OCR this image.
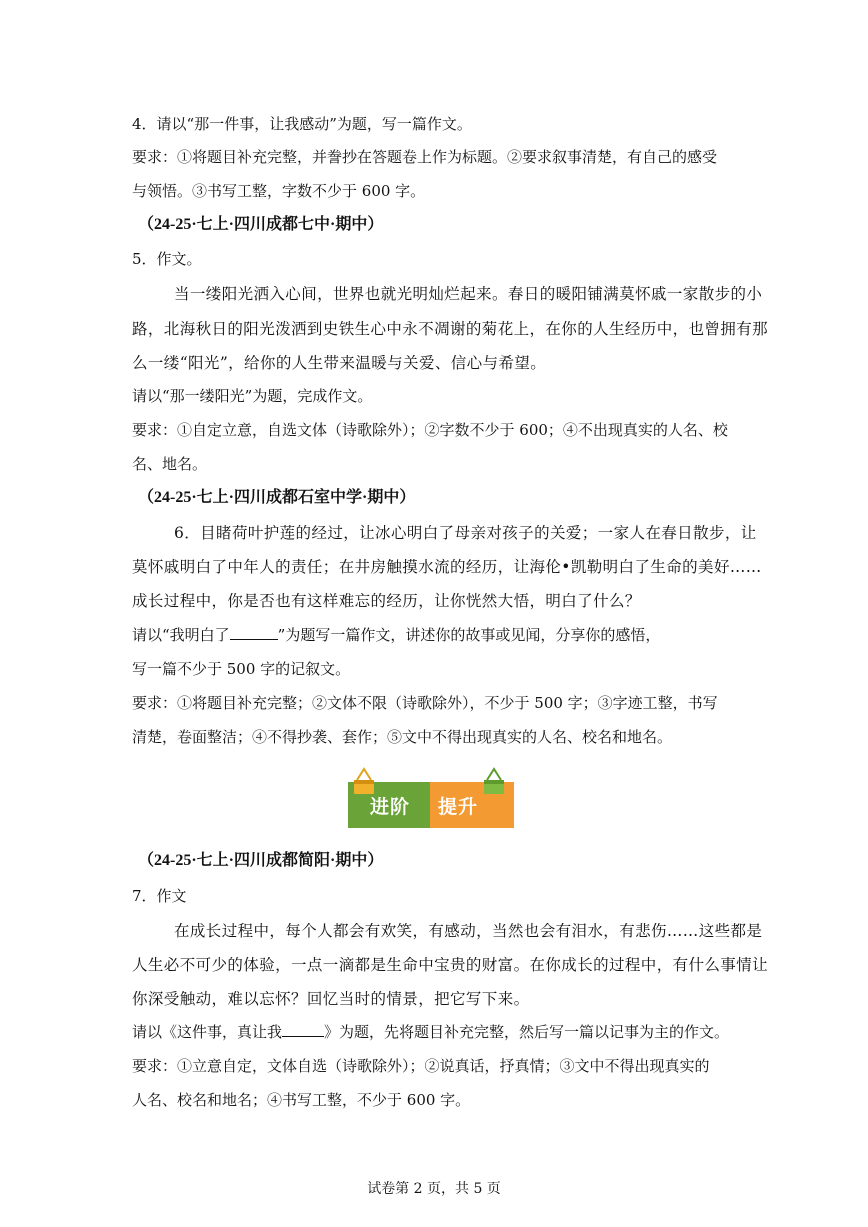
4．请以“那一件事，让我感动”为题，写一篇作文。
要求：①将题目补充完整，并誊抄在答题卷上作为标题。②要求叙事清楚，有自己的感受
与领悟。③书写工整，字数不少于 600 字。
（24-25·七上·四川成都七中·期中）
5．作文。
当一缕阳光洒入心间，世界也就光明灿烂起来。春日的暖阳铺满莫怀戚一家散步的小
路，北海秋日的阳光泼洒到史铁生心中永不凋谢的菊花上，在你的人生经历中，也曾拥有那
么一缕“阳光”，给你的人生带来温暖与关爱、信心与希望。
请以“那一缕阳光”为题，完成作文。
要求：①自定立意，自选文体（诗歌除外）；②字数不少于 600；④不出现真实的人名、校
名、地名。
（24-25·七上·四川成都石室中学·期中）
6．目睹荷叶护莲的经过，让冰心明白了母亲对孩子的关爱；一家人在春日散步，让
莫怀戚明白了中年人的责任；在井房触摸水流的经历，让海伦•凯勒明白了生命的美好……
成长过程中，你是否也有这样难忘的经历，让你恍然大悟，明白了什么？
请以“我明白了	”为题写一篇作文，讲述你的故事或见闻，分享你的感悟，
写一篇不少于 500 字的记叙文。
要求：①将题目补充完整；②文体不限（诗歌除外），不少于 500 字；③字迹工整，书写
清楚，卷面整洁；④不得抄袭、套作；⑤文中不得出现真实的人名、校名和地名。
进阶 提升
（24-25·七上·四川成都简阳·期中）
7．作文
在成长过程中，每个人都会有欢笑，有感动，当然也会有泪水，有悲伤……这些都是
人生必不可少的体验，一点一滴都是生命中宝贵的财富。在你成长的过程中，有什么事情让
你深受触动，难以忘怀？回忆当时的情景，把它写下来。
请以《这件事，真让我	》为题，先将题目补充完整，然后写一篇以记事为主的作文。
要求：①立意自定，文体自选（诗歌除外）；②说真话，抒真情；③文中不得出现真实的
人名、校名和地名；④书写工整，不少于 600 字。
试卷第 2 页，共 5 页
